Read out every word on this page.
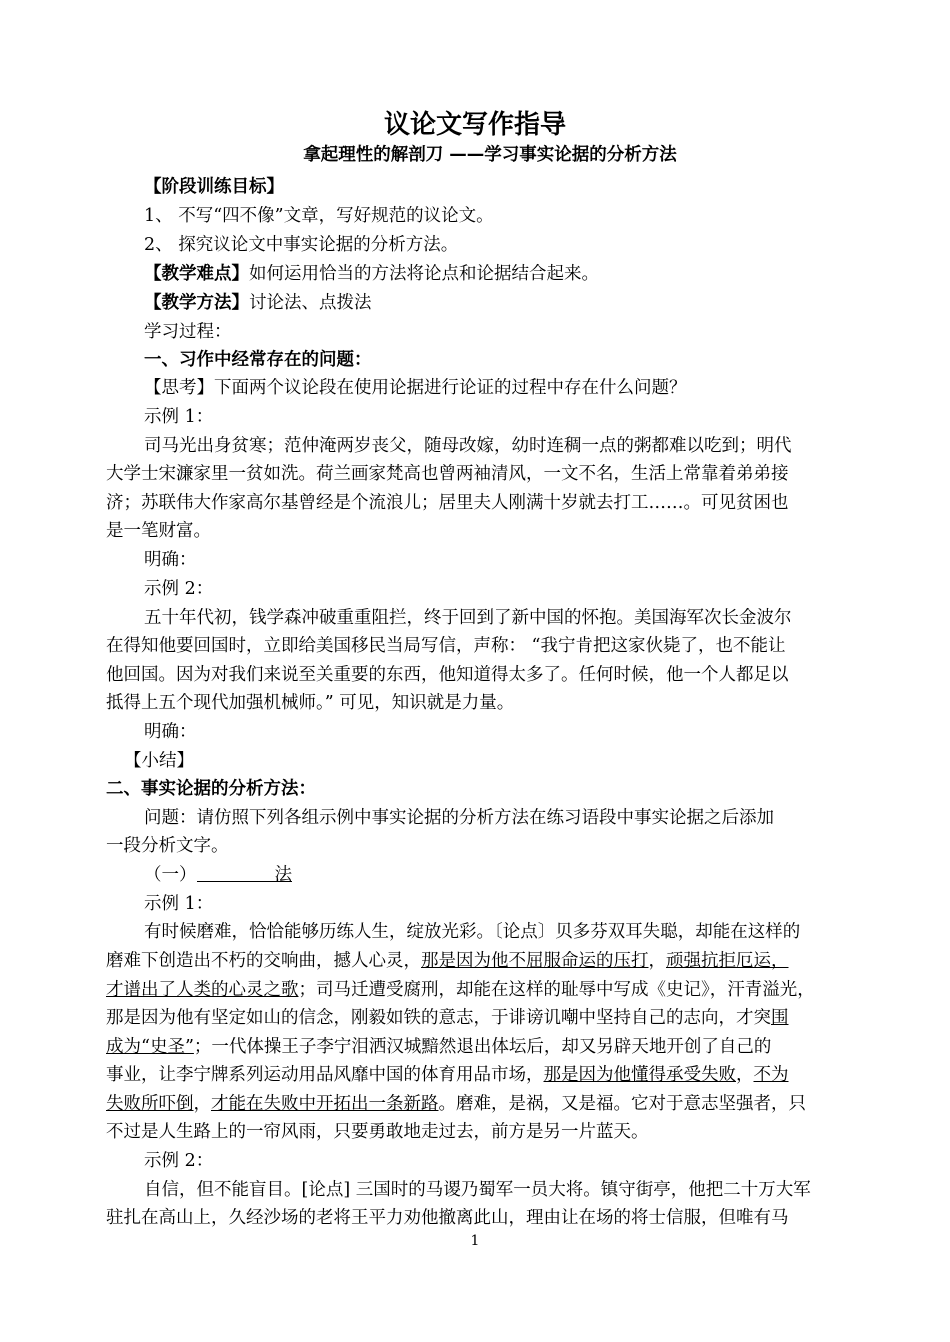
议论文写作指导
拿起理性的解剖刀 ——学习事实论据的分析方法
【阶段训练目标】
1、 不写“四不像”文章，写好规范的议论文。
2、 探究议论文中事实论据的分析方法。
【教学难点】如何运用恰当的方法将论点和论据结合起来。
【教学方法】讨论法、点拨法
学习过程：
一、习作中经常存在的问题：
【思考】下面两个议论段在使用论据进行论证的过程中存在什么问题？
示例 1：
司马光出身贫寒；范仲淹两岁丧父，随母改嫁，幼时连稠一点的粥都难以吃到；明代
大学士宋濂家里一贫如洗。荷兰画家梵高也曾两袖清风，一文不名，生活上常靠着弟弟接
济；苏联伟大作家高尔基曾经是个流浪儿；居里夫人刚满十岁就去打工……。可见贫困也
是一笔财富。
明确：
示例 2：
五十年代初，钱学森冲破重重阻拦，终于回到了新中国的怀抱。美国海军次长金波尔
在得知他要回国时，立即给美国移民当局写信，声称： “我宁肯把这家伙毙了，也不能让
他回国。因为对我们来说至关重要的东西，他知道得太多了。任何时候，他一个人都足以
抵得上五个现代加强机械师。” 可见，知识就是力量。
明确：
【小结】
二、事实论据的分析方法：
问题：请仿照下列各组示例中事实论据的分析方法在练习语段中事实论据之后添加
一段分析文字。
（一）	法
示例 1：
有时候磨难，恰恰能够历练人生，绽放光彩。〔论点〕贝多芬双耳失聪，却能在这样的
磨难下创造出不朽的交响曲，撼人心灵，那是因为他不屈服命运的压打，顽强抗拒厄运，
才谱出了人类的心灵之歌；司马迁遭受腐刑，却能在这样的耻辱中写成《史记》，汗青溢光，
那是因为他有坚定如山的信念，刚毅如铁的意志，于诽谤讥嘲中坚持自己的志向，才突围
成为“史圣”；一代体操王子李宁泪洒汉城黯然退出体坛后，却又另辟天地开创了自己的
事业，让李宁牌系列运动用品风靡中国的体育用品市场，那是因为他懂得承受失败，不为
失败所吓倒，才能在失败中开拓出一条新路。磨难，是祸，又是福。它对于意志坚强者，只
不过是人生路上的一帘风雨，只要勇敢地走过去，前方是另一片蓝天。
示例 2：
自信，但不能盲目。[论点] 三国时的马谡乃蜀军一员大将。镇守街亭，他把二十万大军
驻扎在高山上，久经沙场的老将王平力劝他撤离此山，理由让在场的将士信服，但唯有马
1
